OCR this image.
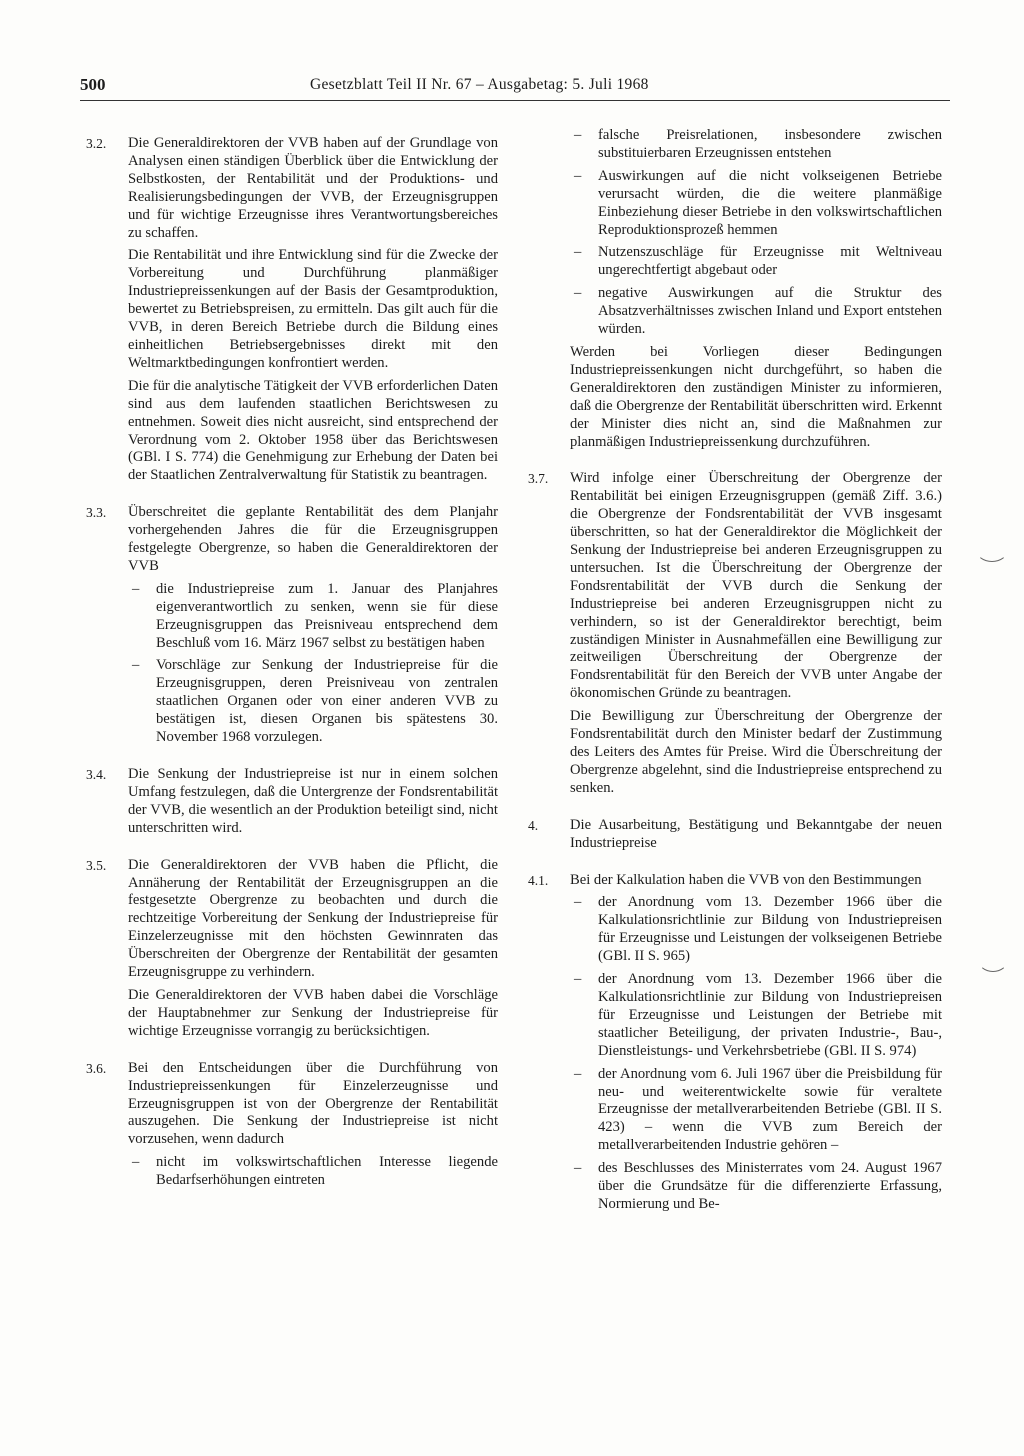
500	Gesetzblatt Teil II Nr. 67 – Ausgabetag: 5. Juli 1968
3.2.	Die Generaldirektoren der VVB haben auf der Grundlage von Analysen einen ständigen Überblick über die Entwicklung der Selbstkosten, der Rentabilität und der Produktions- und Realisierungsbedingungen der VVB, der Erzeugnisgruppen und für wichtige Erzeugnisse ihres Verantwortungsbereiches zu schaffen.

Die Rentabilität und ihre Entwicklung sind für die Zwecke der Vorbereitung und Durchführung planmäßiger Industriepreissenkungen auf der Basis der Gesamtproduktion, bewertet zu Betriebspreisen, zu ermitteln. Das gilt auch für die VVB, in deren Bereich Betriebe durch die Bildung eines einheitlichen Betriebsergebnisses direkt mit den Weltmarktbedingungen konfrontiert werden.

Die für die analytische Tätigkeit der VVB erforderlichen Daten sind aus dem laufenden staatlichen Berichtswesen zu entnehmen. Soweit dies nicht ausreicht, sind entsprechend der Verordnung vom 2. Oktober 1958 über das Berichtswesen (GBl. I S. 774) die Genehmigung zur Erhebung der Daten bei der Staatlichen Zentralverwaltung für Statistik zu beantragen.

3.3.	Überschreitet die geplante Rentabilität des dem Planjahr vorhergehenden Jahres die für die Erzeugnisgruppen festgelegte Obergrenze, so haben die Generaldirektoren der VVB

–	die Industriepreise zum 1. Januar des Planjahres eigenverantwortlich zu senken, wenn sie für diese Erzeugnisgruppen das Preisniveau entsprechend dem Beschluß vom 16. März 1967 selbst zu bestätigen haben
–	Vorschläge zur Senkung der Industriepreise für die Erzeugnisgruppen, deren Preisniveau von zentralen staatlichen Organen oder von einer anderen VVB zu bestätigen ist, diesen Organen bis spätestens 30. November 1968 vorzulegen.
3.4.	Die Senkung der Industriepreise ist nur in einem solchen Umfang festzulegen, daß die Untergrenze der Fondsrentabilität der VVB, die wesentlich an der Produktion beteiligt sind, nicht unterschritten wird.

3.5.	Die Generaldirektoren der VVB haben die Pflicht, die Annäherung der Rentabilität der Erzeugnisgruppen an die festgesetzte Obergrenze zu beobachten und durch die rechtzeitige Vorbereitung der Senkung der Industriepreise für Einzelerzeugnisse mit den höchsten Gewinnraten das Überschreiten der Obergrenze der Rentabilität der gesamten Erzeugnisgruppe zu verhindern.

Die Generaldirektoren der VVB haben dabei die Vorschläge der Hauptabnehmer zur Senkung der Industriepreise für wichtige Erzeugnisse vorrangig zu berücksichtigen.

3.6.	Bei den Entscheidungen über die Durchführung von Industriepreissenkungen für Einzelerzeugnisse und Erzeugnisgruppen ist von der Obergrenze der Rentabilität auszugehen. Die Senkung der Industriepreise ist nicht vorzusehen, wenn dadurch

–	nicht im volkswirtschaftlichen Interesse liegende Bedarfserhöhungen eintreten
–	falsche Preisrelationen, insbesondere zwischen substituierbaren Erzeugnissen entstehen
–	Auswirkungen auf die nicht volkseigenen Betriebe verursacht würden, die die weitere planmäßige Einbeziehung dieser Betriebe in den volkswirtschaftlichen Reproduktionsprozeß hemmen
–	Nutzenszuschläge für Erzeugnisse mit Weltniveau ungerechtfertigt abgebaut oder
–	negative Auswirkungen auf die Struktur des Absatzverhältnisses zwischen Inland und Export entstehen würden.

Werden bei Vorliegen dieser Bedingungen Industriepreissenkungen nicht durchgeführt, so haben die Generaldirektoren den zuständigen Minister zu informieren, daß die Obergrenze der Rentabilität überschritten wird. Erkennt der Minister dies nicht an, sind die Maßnahmen zur planmäßigen Industriepreissenkung durchzuführen.

3.7.	Wird infolge einer Überschreitung der Obergrenze der Rentabilität bei einigen Erzeugnisgruppen (gemäß Ziff. 3.6.) die Obergrenze der Fondsrentabilität der VVB insgesamt überschritten, so hat der Generaldirektor die Möglichkeit der Senkung der Industriepreise bei anderen Erzeugnisgruppen zu untersuchen. Ist die Überschreitung der Obergrenze der Fondsrentabilität der VVB durch die Senkung der Industriepreise bei anderen Erzeugnisgruppen nicht zu verhindern, so ist der Generaldirektor berechtigt, beim zuständigen Minister in Ausnahmefällen eine Bewilligung zur zeitweiligen Überschreitung der Obergrenze der Fondsrentabilität für den Bereich der VVB unter Angabe der ökonomischen Gründe zu beantragen.

Die Bewilligung zur Überschreitung der Obergrenze der Fondsrentabilität durch den Minister bedarf der Zustimmung des Leiters des Amtes für Preise. Wird die Überschreitung der Obergrenze abgelehnt, sind die Industriepreise entsprechend zu senken.

4.	Die Ausarbeitung, Bestätigung und Bekanntgabe der neuen Industriepreise

4.1.	Bei der Kalkulation haben die VVB von den Bestimmungen

–	der Anordnung vom 13. Dezember 1966 über die Kalkulationsrichtlinie zur Bildung von Industriepreisen für Erzeugnisse und Leistungen der volkseigenen Betriebe (GBl. II S. 965)
–	der Anordnung vom 13. Dezember 1966 über die Kalkulationsrichtlinie zur Bildung von Industriepreisen für Erzeugnisse und Leistungen der Betriebe mit staatlicher Beteiligung, der privaten Industrie-, Bau-, Dienstleistungs- und Verkehrsbetriebe (GBl. II S. 974)
–	der Anordnung vom 6. Juli 1967 über die Preisbildung für neu- und weiterentwickelte sowie für veraltete Erzeugnisse der metallverarbeitenden Betriebe (GBl. II S. 423) – wenn die VVB zum Bereich der metallverarbeitenden Industrie gehören –
–	des Beschlusses des Ministerrates vom 24. August 1967 über die Grundsätze für die differenzierte Erfassung, Normierung und Be-
